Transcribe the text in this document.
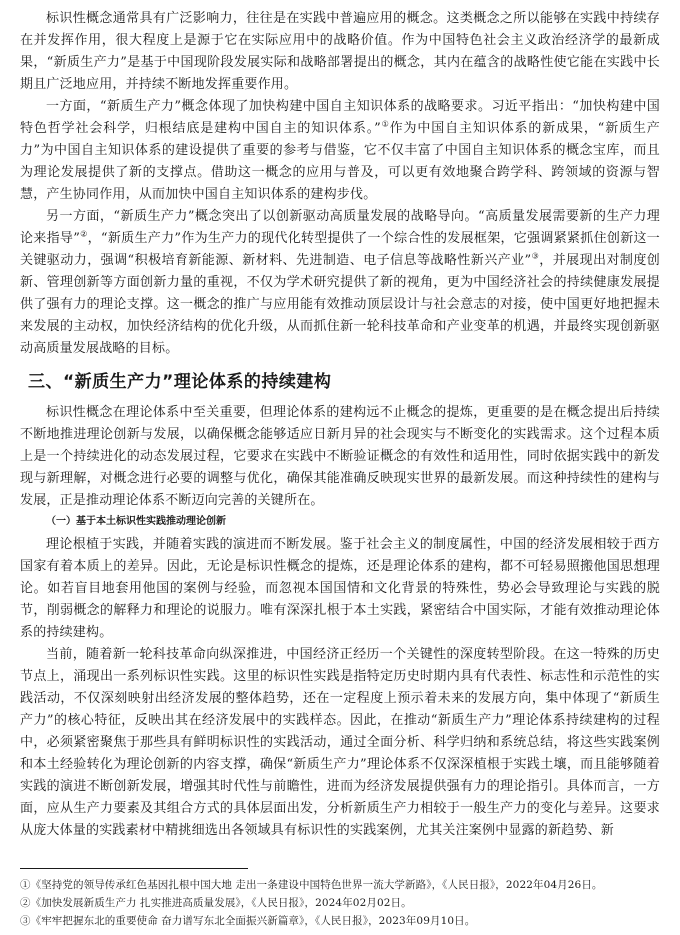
标识性概念通常具有广泛影响力，往往是在实践中普遍应用的概念。这类概念之所以能够在实践中持续存在并发挥作用，很大程度上是源于它在实际应用中的战略价值。作为中国特色社会主义政治经济学的最新成果，“新质生产力”是基于中国现阶段发展实际和战略部署提出的概念，其内在蕴含的战略性使它能在实践中长期且广泛地应用，并持续不断地发挥重要作用。

一方面，“新质生产力”概念体现了加快构建中国自主知识体系的战略要求。习近平指出：“加快构建中国特色哲学社会科学，归根结底是建构中国自主的知识体系。”①作为中国自主知识体系的新成果，“新质生产力”为中国自主知识体系的建设提供了重要的参考与借鉴，它不仅丰富了中国自主知识体系的概念宝库，而且为理论发展提供了新的支撑点。借助这一概念的应用与普及，可以更有效地聚合跨学科、跨领域的资源与智慧，产生协同作用，从而加快中国自主知识体系的建构步伐。

另一方面，“新质生产力”概念突出了以创新驱动高质量发展的战略导向。“高质量发展需要新的生产力理论来指导”②，“新质生产力”作为生产力的现代化转型提供了一个综合性的发展框架，它强调紧紧抓住创新这一关键驱动力，强调“积极培育新能源、新材料、先进制造、电子信息等战略性新兴产业”③，并展现出对制度创新、管理创新等方面创新力量的重视，不仅为学术研究提供了新的视角，更为中国经济社会的持续健康发展提供了强有力的理论支撑。这一概念的推广与应用能有效推动顶层设计与社会意志的对接，使中国更好地把握未来发展的主动权，加快经济结构的优化升级，从而抓住新一轮科技革命和产业变革的机遇，并最终实现创新驱动高质量发展战略的目标。

三、“新质生产力”理论体系的持续建构

标识性概念在理论体系中至关重要，但理论体系的建构远不止概念的提炼，更重要的是在概念提出后持续不断地推进理论创新与发展，以确保概念能够适应日新月异的社会现实与不断变化的实践需求。这个过程本质上是一个持续进化的动态发展过程，它要求在实践中不断验证概念的有效性和适用性，同时依据实践中的新发现与新理解，对概念进行必要的调整与优化，确保其能准确反映现实世界的最新发展。而这种持续性的建构与发展，正是推动理论体系不断迈向完善的关键所在。

（一）基于本土标识性实践推动理论创新

理论根植于实践，并随着实践的演进而不断发展。鉴于社会主义的制度属性，中国的经济发展相较于西方国家有着本质上的差异。因此，无论是标识性概念的提炼，还是理论体系的建构，都不可轻易照搬他国思想理论。如若盲目地套用他国的案例与经验，而忽视本国国情和文化背景的特殊性，势必会导致理论与实践的脱节，削弱概念的解释力和理论的说服力。唯有深深扎根于本土实践，紧密结合中国实际，才能有效推动理论体系的持续建构。

当前，随着新一轮科技革命向纵深推进，中国经济正经历一个关键性的深度转型阶段。在这一特殊的历史节点上，涌现出一系列标识性实践。这里的标识性实践是指特定历史时期内具有代表性、标志性和示范性的实践活动，不仅深刻映射出经济发展的整体趋势，还在一定程度上预示着未来的发展方向，集中体现了“新质生产力”的核心特征，反映出其在经济发展中的实践样态。因此，在推动“新质生产力”理论体系持续建构的过程中，必须紧密聚焦于那些具有鲜明标识性的实践活动，通过全面分析、科学归纳和系统总结，将这些实践案例和本土经验转化为理论创新的内容支撑，确保“新质生产力”理论体系不仅深深植根于实践土壤，而且能够随着实践的演进不断创新发展，增强其时代性与前瞻性，进而为经济发展提供强有力的理论指引。具体而言，一方面，应从生产力要素及其组合方式的具体层面出发，分析新质生产力相较于一般生产力的变化与差异。这要求从庞大体量的实践素材中精挑细选出各领域具有标识性的实践案例，尤其关注案例中显露的新趋势、新

①《坚持党的领导传承红色基因扎根中国大地 走出一条建设中国特色世界一流大学新路》，《人民日报》，2022年04月26日。

②《加快发展新质生产力 扎实推进高质量发展》，《人民日报》，2024年02月02日。

③《牢牢把握东北的重要使命 奋力谱写东北全面振兴新篇章》，《人民日报》，2023年09月10日。
